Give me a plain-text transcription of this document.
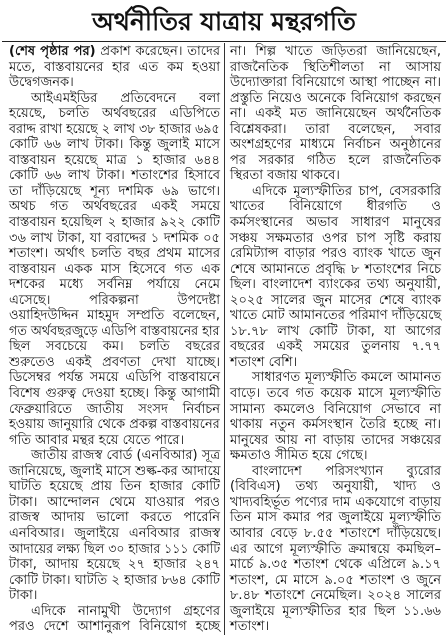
অর্থনীতির যাত্রায় মন্থরগতি
(শেষ পৃষ্ঠার পর) প্রকাশ করেছেন। তাদের
মতে, বাস্তবায়নের হার এত কম হওয়া
উদ্বেগজনক।
আইএমইডির প্রতিবেদনে বলা
হয়েছে, চলতি অর্থবছরের এডিপিতে
বরাদ্দ রাখা হয়েছে ২ লাখ ৩৮ হাজার ৬৯৫
কোটি ৬৬ লাখ টাকা। কিন্তু জুলাই মাসে
বাস্তবায়ন হয়েছে মাত্র ১ হাজার ৬৪৪
কোটি ৬৬ লাখ টাকা। শতাংশের হিসাবে
তা দাঁড়িয়েছে শূন্য দশমিক ৬৯ ভাগে।
অথচ গত অর্থবছরের একই সময়ে
বাস্তবায়ন হয়েছিল ২ হাজার ৯২২ কোটি
৩৬ লাখ টাকা, যা বরাদ্দের ১ দশমিক ০৫
শতাংশ। অর্থাৎ চলতি বছর প্রথম মাসের
বাস্তবায়ন একক মাস হিসেবে গত এক
দশকের মধ্যে সর্বনিম্ন পর্যায়ে নেমে
এসেছে। পরিকল্পনা উপদেষ্টা
ওয়াহিদউদ্দিন মাহমুদ সম্প্রতি বলেছেন,
গত অর্থবছরজুড়ে এডিপি বাস্তবায়নের হার
ছিল সবচেয়ে কম। চলতি বছরের
শুরুতেও একই প্রবণতা দেখা যাচ্ছে।
ডিসেম্বর পর্যন্ত সময়ে এডিপি বাস্তবায়নে
বিশেষ গুরুত্ব দেওয়া হচ্ছে। কিন্তু আগামী
ফেব্রুয়ারিতে জাতীয় সংসদ নির্বাচন
হওয়ায় জানুয়ারি থেকে প্রকল্প বাস্তবায়নের
গতি আবার মন্থর হয়ে যেতে পারে।
জাতীয় রাজস্ব বোর্ড (এনবিআর) সূত্র
জানিয়েছে, জুলাই মাসে শুল্ক-কর আদায়ে
ঘাটতি হয়েছে প্রায় তিন হাজার কোটি
টাকা। আন্দোলন থেমে যাওয়ার পরও
রাজস্ব আদায় ভালো করতে পারেনি
এনবিআর। জুলাইয়ে এনবিআর রাজস্ব
আদায়ের লক্ষ্য ছিল ৩০ হাজার ১১১ কোটি
টাকা, আদায় হয়েছে ২৭ হাজার ২৪৭
কোটি টাকা। ঘাটতি ২ হাজার ৮৬৪ কোটি
টাকা।
এদিকে নানামুখী উদ্যোগ গ্রহণের
পরও দেশে আশানুরূপ বিনিয়োগ হচ্ছে
না। শিল্প খাতে জড়িতরা জানিয়েছেন,
রাজনৈতিক স্থিতিশীলতা না আসায়
উদ্যোক্তারা বিনিয়োগে আস্থা পাচ্ছেন না।
প্রস্তুতি নিয়েও অনেকে বিনিয়োগ করছেন
না। একই মত জানিয়েছেন অর্থনৈতিক
বিশ্লেষকরা। তারা বলেছেন, সবার
অংশগ্রহণের মাধ্যমে নির্বাচন অনুষ্ঠানের
পর সরকার গঠিত হলে রাজনৈতিক
স্থিরতা বজায় থাকবে।
এদিকে মূল্যস্ফীতির চাপ, বেসরকারি
খাতের বিনিয়োগে ধীরগতি ও
কর্মসংস্থানের অভাব সাধারণ মানুষের
সঞ্চয় সক্ষমতার ওপর চাপ সৃষ্টি করায়
রেমিট্যান্স বাড়ার পরও ব্যাংক খাতে জুন
শেষে আমানতে প্রবৃদ্ধি ৮ শতাংশের নিচে
ছিল। বাংলাদেশ ব্যাংকের তথ্য অনুযায়ী,
২০২৫ সালের জুন মাসের শেষে ব্যাংক
খাতে মোট আমানতের পরিমাণ দাঁড়িয়েছে
১৮.৭৮ লাখ কোটি টাকা, যা আগের
বছরের একই সময়ের তুলনায় ৭.৭৭
শতাংশ বেশি।
সাধারণত মূল্যস্ফীতি কমলে আমানত
বাড়ে। তবে গত কয়েক মাসে মূল্যস্ফীতি
সামান্য কমলেও বিনিয়োগ সেভাবে না
থাকায় নতুন কর্মসংস্থান তৈরি হচ্ছে না।
মানুষের আয় না বাড়ায় তাদের সঞ্চয়ের
ক্ষমতাও সীমিত হয়ে গেছে।
বাংলাদেশ পরিসংখ্যান ব্যুরোর
(বিবিএস) তথ্য অনুযায়ী, খাদ্য ও
খাদ্যবহির্ভূত পণ্যের দাম একযোগে বাড়ায়
তিন মাস কমার পর জুলাইয়ে মূল্যস্ফীতি
আবার বেড়ে ৮.৫৫ শতাংশে দাঁড়িয়েছে।
এর আগে মূল্যস্ফীতি ক্রমান্বয়ে কমছিল–
মার্চে ৯.৩৫ শতাংশ থেকে এপ্রিলে ৯.১৭
শতাংশ, মে মাসে ৯.০৫ শতাংশ ও জুনে
৮.৪৮ শতাংশে নেমেছিল। ২০২৪ সালের
জুলাইয়ে মূল্যস্ফীতির হার ছিল ১১.৬৬
শতাংশ।
